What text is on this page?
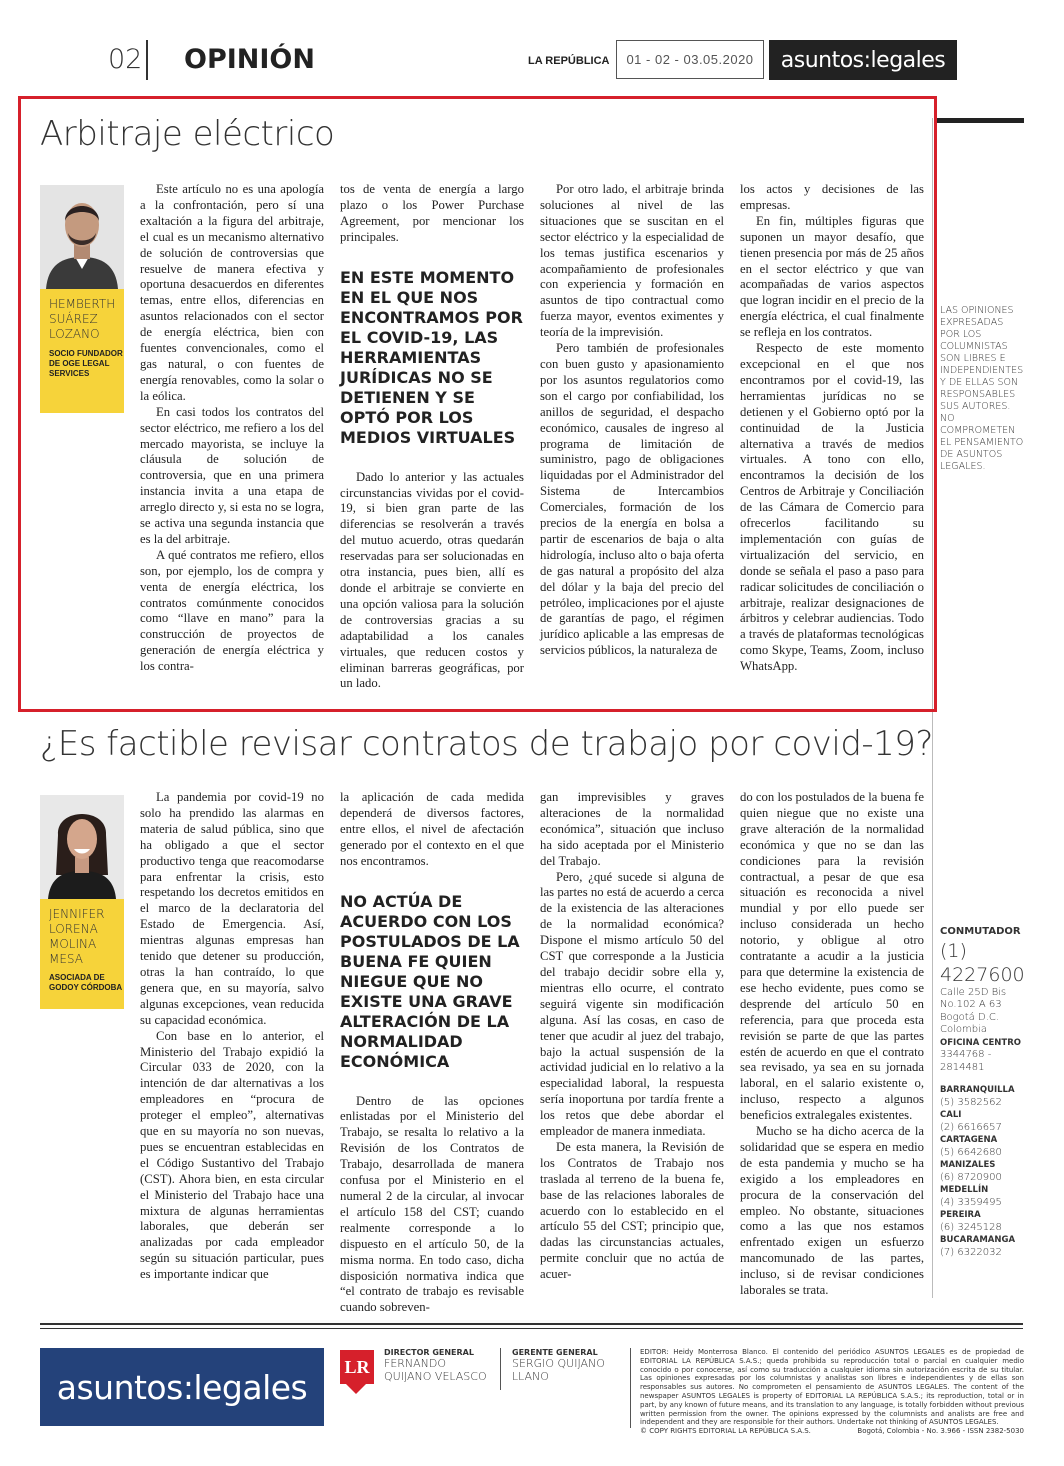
02 OPINIÓN	LA REPÚBLICA	01 - 02 - 03.05.2020	asuntos:legales
Arbitraje eléctrico
HEMBERTH SUÁREZ LOZANO
SOCIO FUNDADOR DE OGE LEGAL SERVICES

Este artículo no es una apología a la confrontación, pero sí una exaltación a la figura del arbitraje, el cual es un mecanismo alternativo de solución de controversias que resuelve de manera efectiva y oportuna desacuerdos en diferentes temas, entre ellos, diferencias en asuntos relacionados con el sector de energía eléctrica, bien con fuentes convencionales, como el gas natural, o con fuentes de energía renovables, como la solar o la eólica.

En casi todos los contratos del sector eléctrico, me refiero a los del mercado mayorista, se incluye la cláusula de solución de controversia, que en una primera instancia invita a una etapa de arreglo directo y, si esta no se logra, se activa una segunda instancia que es la del arbitraje.

A qué contratos me refiero, ellos son, por ejemplo, los de compra y venta de energía eléctrica, los contratos comúnmente conocidos como “llave en mano” para la construcción de proyectos de generación de energía eléctrica y los contra-

tos de venta de energía a largo plazo o los Power Purchase Agreement, por mencionar los principales.

EN ESTE MOMENTO EN EL QUE NOS ENCONTRAMOS POR EL COVID-19, LAS HERRAMIENTAS JURÍDICAS NO SE DETIENEN Y SE OPTÓ POR LOS MEDIOS VIRTUALES

Dado lo anterior y las actuales circunstancias vividas por el covid-19, si bien gran parte de las diferencias se resolverán a través del mutuo acuerdo, otras quedarán reservadas para ser solucionadas en otra instancia, pues bien, allí es donde el arbitraje se convierte en una opción valiosa para la solución de controversias gracias a su adaptabilidad a los canales virtuales, que reducen costos y eliminan barreras geográficas, por un lado.

Por otro lado, el arbitraje brinda soluciones al nivel de las situaciones que se suscitan en el sector eléctrico y la especialidad de los temas justifica escenarios y acompañamiento de profesionales con experiencia y formación en asuntos de tipo contractual como fuerza mayor, eventos eximentes y teoría de la imprevisión.

Pero también de profesionales con buen gusto y apasionamiento por los asuntos regulatorios como son el cargo por confiabilidad, los anillos de seguridad, el despacho económico, causales de ingreso al programa de limitación de suministro, pago de obligaciones liquidadas por el Administrador del Sistema de Intercambios Comerciales, formación de los precios de la energía en bolsa a partir de escenarios de baja o alta hidrología, incluso alto o baja oferta de gas natural a propósito del alza del dólar y la baja del precio del petróleo, implicaciones por el ajuste de garantías de pago, el régimen jurídico aplicable a las empresas de servicios públicos, la naturaleza de

los actos y decisiones de las empresas.

En fin, múltiples figuras que suponen un mayor desafío, que tienen presencia por más de 25 años en el sector eléctrico y que van acompañadas de varios aspectos que logran incidir en el precio de la energía eléctrica, el cual finalmente se refleja en los contratos.

Respecto de este momento excepcional en el que nos encontramos por el covid-19, las herramientas jurídicas no se detienen y el Gobierno optó por la continuidad de la Justicia alternativa a través de medios virtuales. A tono con ello, encontramos la decisión de los Centros de Arbitraje y Conciliación de las Cámara de Comercio para ofrecerlos facilitando su implementación con guías de virtualización del servicio, en donde se señala el paso a paso para radicar solicitudes de conciliación o arbitraje, realizar designaciones de árbitros y celebrar audiencias. Todo a través de plataformas tecnológicas como Skype, Teams, Zoom, incluso WhatsApp.

LAS OPINIONES EXPRESADAS POR LOS COLUMNISTAS SON LIBRES E INDEPENDIENTES Y DE ELLAS SON RESPONSABLES SUS AUTORES. NO COMPROMETEN EL PENSAMIENTO DE ASUNTOS LEGALES.
¿Es factible revisar contratos de trabajo por covid-19?
JENNIFER LORENA MOLINA MESA
ASOCIADA DE GODOY CÓRDOBA

La pandemia por covid-19 no solo ha prendido las alarmas en materia de salud pública, sino que ha obligado a que el sector productivo tenga que reacomodarse para enfrentar la crisis, esto respetando los decretos emitidos en el marco de la declaratoria del Estado de Emergencia. Así, mientras algunas empresas han tenido que detener su producción, otras la han contraído, lo que genera que, en su mayoría, salvo algunas excepciones, vean reducida su capacidad económica.

Con base en lo anterior, el Ministerio del Trabajo expidió la Circular 033 de 2020, con la intención de dar alternativas a los empleadores en “procura de proteger el empleo”, alternativas que en su mayoría no son nuevas, pues se encuentran establecidas en el Código Sustantivo del Trabajo (CST). Ahora bien, en esta circular el Ministerio del Trabajo hace una mixtura de algunas herramientas laborales, que deberán ser analizadas por cada empleador según su situación particular, pues es importante indicar que

la aplicación de cada medida dependerá de diversos factores, entre ellos, el nivel de afectación generado por el contexto en el que nos encontramos.

NO ACTÚA DE ACUERDO CON LOS POSTULADOS DE LA BUENA FE QUIEN NIEGUE QUE NO EXISTE UNA GRAVE ALTERACIÓN DE LA NORMALIDAD ECONÓMICA

Dentro de las opciones enlistadas por el Ministerio del Trabajo, se resalta lo relativo a la Revisión de los Contratos de Trabajo, desarrollada de manera confusa por el Ministerio en el numeral 2 de la circular, al invocar el artículo 158 del CST; cuando realmente corresponde a lo dispuesto en el artículo 50, de la misma norma. En todo caso, dicha disposición normativa indica que “el contrato de trabajo es revisable cuando sobreven-

gan imprevisibles y graves alteraciones de la normalidad económica”, situación que incluso ha sido aceptada por el Ministerio del Trabajo.

Pero, ¿qué sucede si alguna de las partes no está de acuerdo a cerca de la existencia de las alteraciones de la normalidad económica? Dispone el mismo artículo 50 del CST que corresponde a la Justicia del trabajo decidir sobre ella y, mientras ello ocurre, el contrato seguirá vigente sin modificación alguna. Así las cosas, en caso de tener que acudir al juez del trabajo, bajo la actual suspensión de la actividad judicial en lo relativo a la especialidad laboral, la respuesta sería inoportuna por tardía frente a los retos que debe abordar el empleador de manera inmediata.

De esta manera, la Revisión de los Contratos de Trabajo nos traslada al terreno de la buena fe, base de las relaciones laborales de acuerdo con lo establecido en el artículo 55 del CST; principio que, dadas las circunstancias actuales, permite concluir que no actúa de acuer-

do con los postulados de la buena fe quien niegue que no existe una grave alteración de la normalidad económica y que no se dan las condiciones para la revisión contractual, a pesar de que esa situación es reconocida a nivel mundial y por ello puede ser incluso considerada un hecho notorio, y obligue al otro contratante a acudir a la justicia para que determine la existencia de ese hecho evidente, pues como se desprende del artículo 50 en referencia, para que proceda esta revisión se parte de que las partes estén de acuerdo en que el contrato sea revisado, ya sea en su jornada laboral, en el salario existente o, incluso, respecto a algunos beneficios extralegales existentes.

Mucho se ha dicho acerca de la solidaridad que se espera en medio de esta pandemia y mucho se ha exigido a los empleadores en procura de la conservación del empleo. No obstante, situaciones como a las que nos estamos enfrentado exigen un esfuerzo mancomunado de las partes, incluso, si de revisar condiciones laborales se trata.

CONMUTADOR
(1) 4227600
Calle 25D Bis
No.102 A 63
Bogotá D.C.
Colombia
OFICINA CENTRO
3344768 - 2814481
BARRANQUILLA
(5) 3582562
CALI
(2) 6616657
CARTAGENA
(5) 6642680
MANIZALES
(6) 8720900
MEDELLÍN
(4) 3359495
PEREIRA
(6) 3245128
BUCARAMANGA
(7) 6322032
asuntos:legales
LR
DIRECTOR GENERAL
FERNANDO QUIJANO VELASCO
GERENTE GENERAL
SERGIO QUIJANO LLANO
EDITOR: Heidy Monterrosa Blanco. El contenido del periódico ASUNTOS LEGALES es de propiedad de EDITORIAL LA REPÚBLICA S.A.S.; queda prohibida su reproducción total o parcial en cualquier medio conocido o por conocerse, así como su traducción a cualquier idioma sin autorización escrita de su titular. Las opiniones expresadas por los columnistas y analistas son libres e independientes y de ellas son responsables sus autores. No comprometen el pensamiento de ASUNTOS LEGALES. The content of the newspaper ASUNTOS LEGALES is property of EDITORIAL LA REPÚBLICA S.A.S.; its reproduction, total or in part, by any known of future means, and its translation to any language, is totally forbidden without previous written permission from the owner. The opinions expressed by the columnists and analists are free and independent and they are responsible for their authors. Undertake not thinking of ASUNTOS LEGALES.
© COPY RIGHTS EDITORIAL LA REPÚBLICA S.A.S.	Bogotá, Colombia - No. 3.966 - ISSN 2382-5030
